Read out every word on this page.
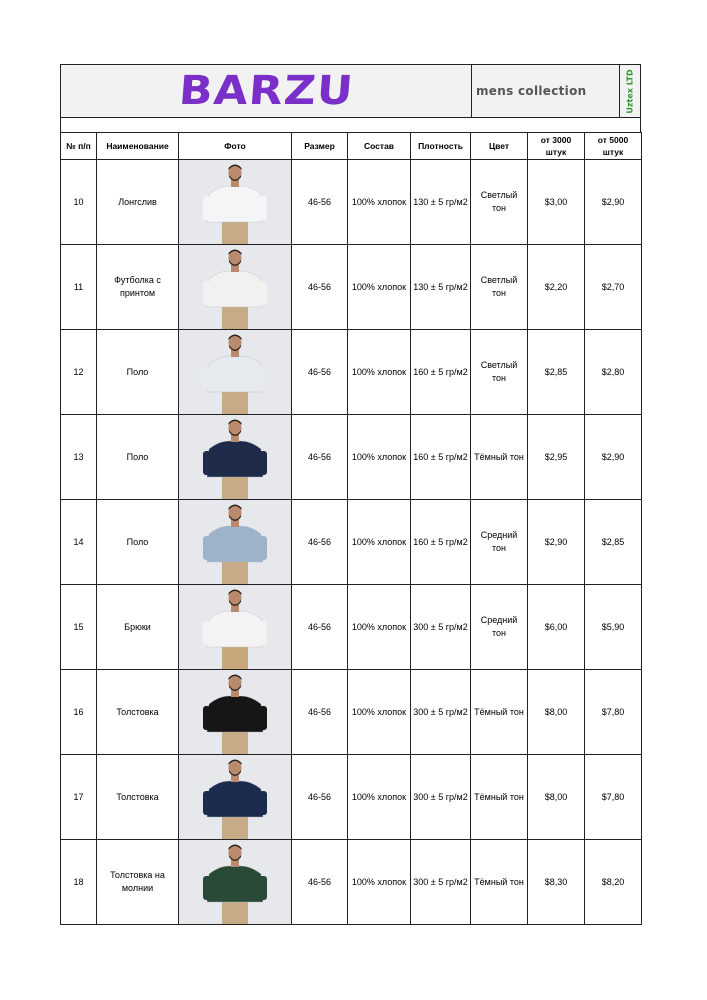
BARZU	mens collection	Uztex LTD
№ п/п	Наименование	Фото	Размер	Состав	Плотность	Цвет	от 3000 штук	от 5000 штук
10	Лонгслив		46-56	100% хлопок	130 ± 5 гр/м2	Светлый тон	$3,00	$2,90
11	Футболка с принтом		46-56	100% хлопок	130 ± 5 гр/м2	Светлый тон	$2,20	$2,70
12	Поло		46-56	100% хлопок	160 ± 5 гр/м2	Светлый тон	$2,85	$2,80
13	Поло		46-56	100% хлопок	160 ± 5 гр/м2	Тёмный тон	$2,95	$2,90
14	Поло		46-56	100% хлопок	160 ± 5 гр/м2	Средний тон	$2,90	$2,85
15	Брюки		46-56	100% хлопок	300 ± 5 гр/м2	Средний тон	$6,00	$5,90
16	Толстовка		46-56	100% хлопок	300 ± 5 гр/м2	Тёмный тон	$8,00	$7,80
17	Толстовка		46-56	100% хлопок	300 ± 5 гр/м2	Тёмный тон	$8,00	$7,80
18	Толстовка на молнии		46-56	100% хлопок	300 ± 5 гр/м2	Тёмный тон	$8,30	$8,20
